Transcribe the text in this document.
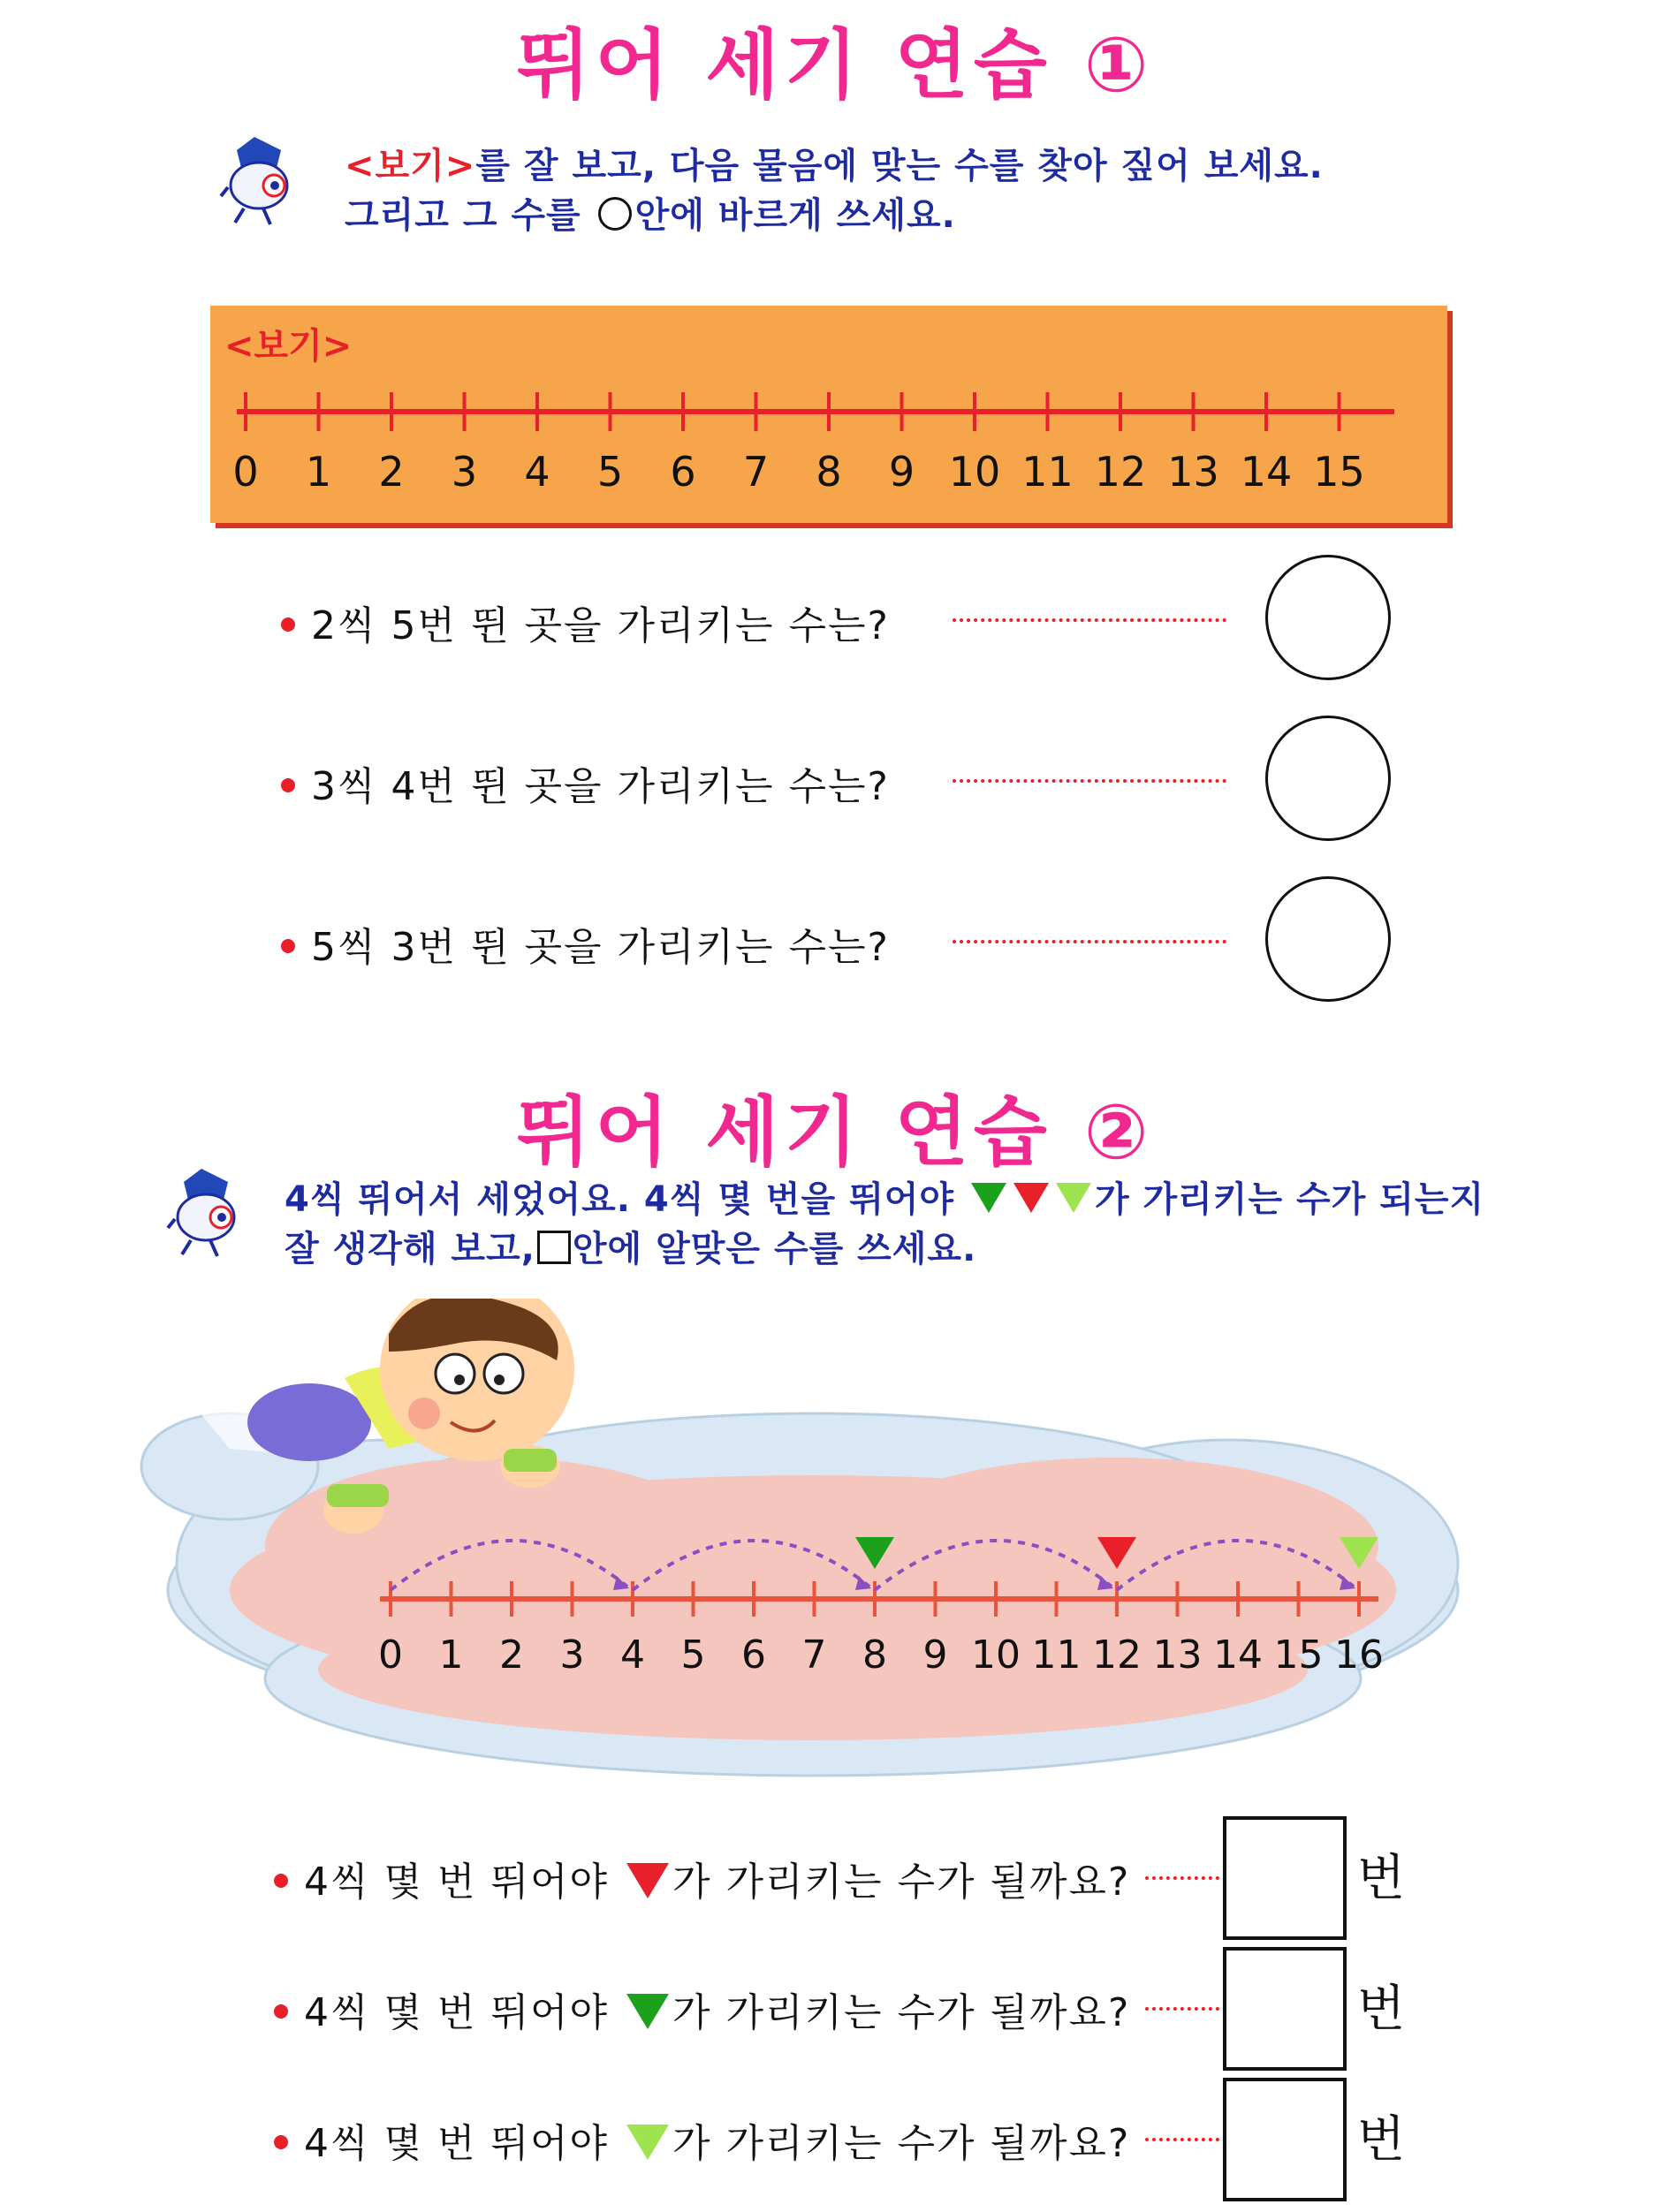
뛰어 세기 연습 ①
<보기>를 잘 보고, 다음 물음에 맞는 수를 찾아 짚어 보세요.
그리고 그 수를 안에 바르게 쓰세요.
<보기>
0 1 2 3 4 5 6 7 8 9 10 11 12 13 14 15
2씩 5번 뛴 곳을 가리키는 수는?
3씩 4번 뛴 곳을 가리키는 수는?
5씩 3번 뛴 곳을 가리키는 수는?
뛰어 세기 연습 ②
4씩 뛰어서 세었어요. 4씩 몇 번을 뛰어야	가 가리키는 수가 되는지
잘 생각해 보고, 안에 알맞은 수를 쓰세요.
0 1 2 3 4 5 6 7 8 9 10 11 12 13 14 15 16
4씩 몇 번 뛰어야 가 가리키는 수가 될까요?	번
4씩 몇 번 뛰어야 가 가리키는 수가 될까요?	번
4씩 몇 번 뛰어야 가 가리키는 수가 될까요?	번
